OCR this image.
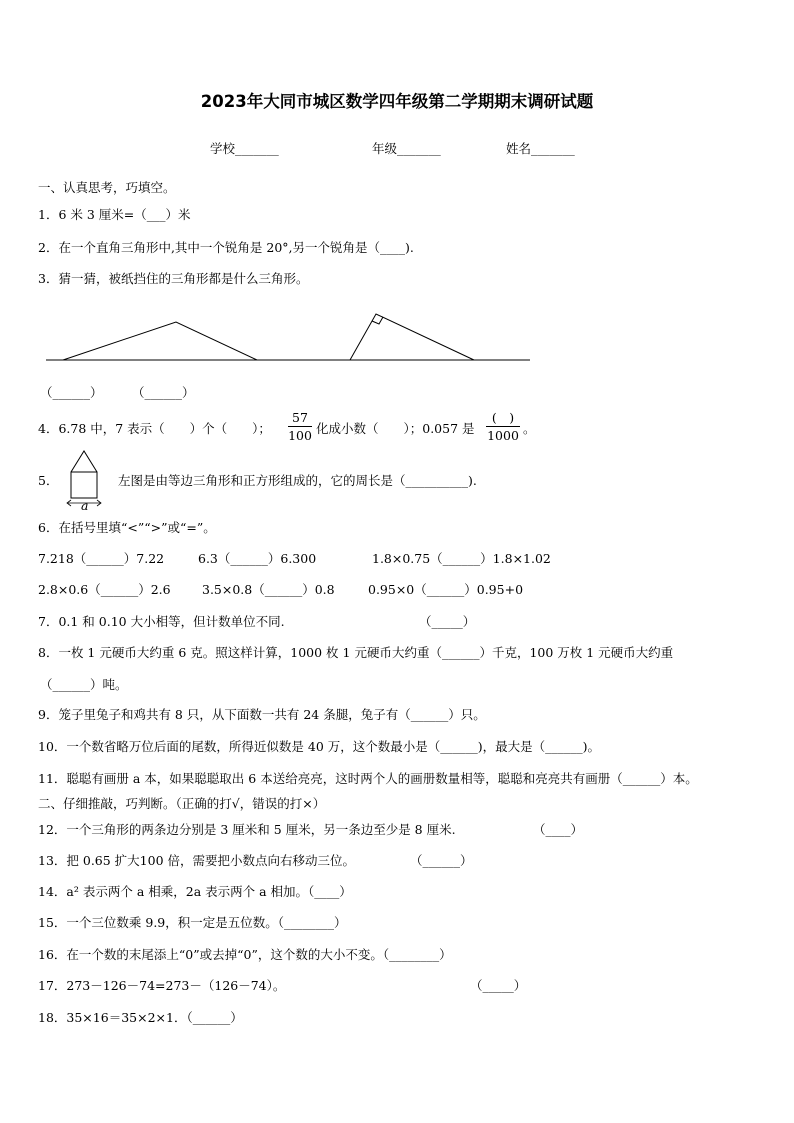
2023年大同市城区数学四年级第二学期期末调研试题
学校_______	年级_______	姓名_______
一、认真思考，巧填空。
1．6 米 3 厘米=（___）米
2．在一个直角三角形中,其中一个锐角是 20°,另一个锐角是（____).
3．猜一猜，被纸挡住的三角形都是什么三角形。
（______） （______）
4．6.78 中，7 表示（　　）个（　　）；
57
100 化成小数（　　）；0.057 是
(　)
1000 。
5．
a
左图是由等边三角形和正方形组成的，它的周长是（__________).
6．在括号里填“<”“>”或“=”。
7.218（______）7.22	6.3（______）6.300	1.8×0.75（______）1.8×1.02
2.8×0.6（______）2.6	3.5×0.8（______）0.8	0.95×0（______）0.95+0
7．0.1 和 0.10 大小相等，但计数单位不同.	（_____）
8．一枚 1 元硬币大约重 6 克。照这样计算，1000 枚 1 元硬币大约重（______）千克，100 万枚 1 元硬币大约重
（______）吨。
9．笼子里兔子和鸡共有 8 只，从下面数一共有 24 条腿，兔子有（______）只。
10．一个数省略万位后面的尾数，所得近似数是 40 万，这个数最小是（______)，最大是（______)。
11．聪聪有画册 a 本，如果聪聪取出 6 本送给亮亮，这时两个人的画册数量相等，聪聪和亮亮共有画册（______）本。
二、仔细推敲，巧判断。（正确的打√，错误的打×）
12．一个三角形的两条边分别是 3 厘米和 5 厘米，另一条边至少是 8 厘米.	（____）
13．把 0.65 扩大100 倍，需要把小数点向右移动三位。	（______）
14．a² 表示两个 a 相乘，2a 表示两个 a 相加。（____）
15．一个三位数乘 9.9，积一定是五位数。（________）
16．在一个数的末尾添上“0”或去掉“0”，这个数的大小不变。（________）
17．273－126－74=273－（126－74）。	（_____）
18．35×16＝35×2×1．（______）
